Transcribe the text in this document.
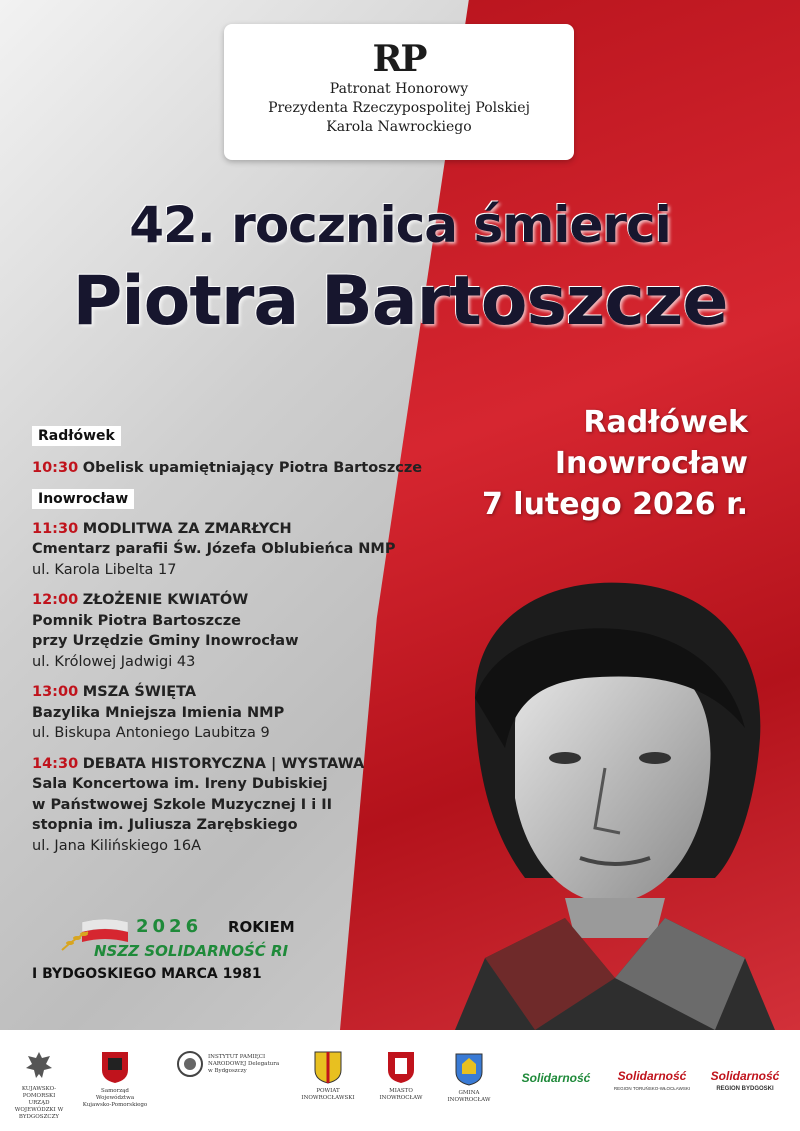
RP
Patronat Honorowy
Prezydenta Rzeczypospolitej Polskiej
Karola Nawrockiego
42. rocznica śmierci
Piotra Bartoszcze
Radłówek
Inowrocław
7 lutego 2026 r.
Radłówek
10:30 Obelisk upamiętniający Piotra Bartoszcze
Inowrocław
11:30 MODLITWA ZA ZMARŁYCH
Cmentarz parafii Św. Józefa Oblubieńca NMP
ul. Karola Libelta 17
12:00 ZŁOŻENIE KWIATÓW
Pomnik Piotra Bartoszcze
przy Urzędzie Gminy Inowrocław
ul. Królowej Jadwigi 43
13:00 MSZA ŚWIĘTA
Bazylika Mniejsza Imienia NMP
ul. Biskupa Antoniego Laubitza 9
14:30 DEBATA HISTORYCZNA | WYSTAWA
Sala Koncertowa im. Ireny Dubiskiej
w Państwowej Szkole Muzycznej I i II
stopnia im. Juliusza Zarębskiego
ul. Jana Kilińskiego 16A
2026 ROKIEM
NSZZ SOLIDARNOŚĆ RI
I BYDGOSKIEGO MARCA 1981
KUJAWSKO-POMORSKI URZĄD WOJEWÓDZKI W BYDGOSZCZY
Samorząd Województwa Kujawsko-Pomorskiego
INSTYTUT PAMIĘCI NARODOWEJ Delegatura w Bydgoszczy
POWIAT INOWROCŁAWSKI
MIASTO INOWROCŁAW
GMINA INOWROCŁAW
Solidarność Solidarność
REGION TORUŃSKO-WŁOCŁAWSKI
Solidarność
REGION BYDGOSKI
